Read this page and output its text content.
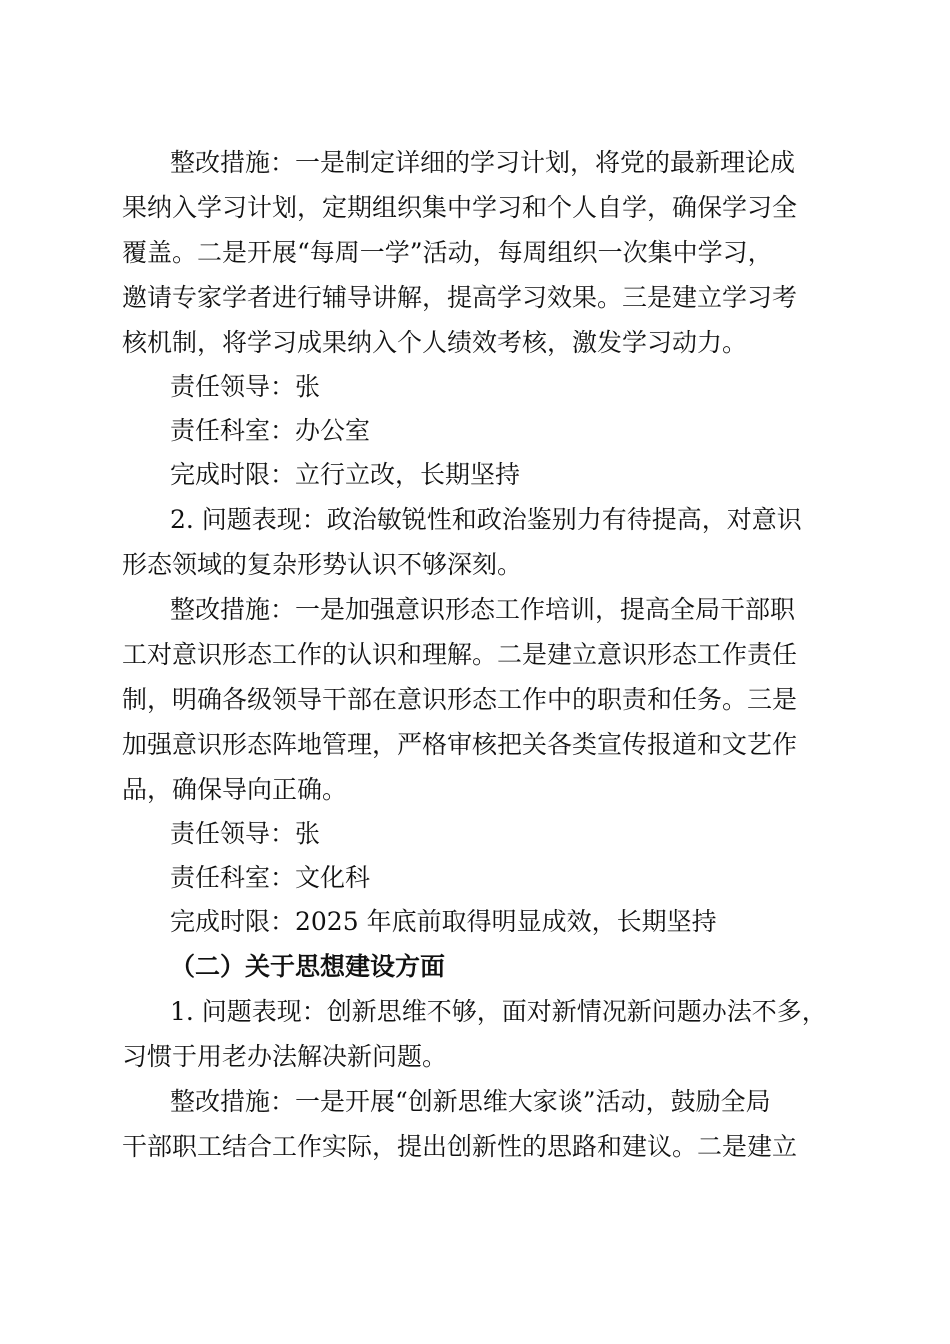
整改措施：一是制定详细的学习计划，将党的最新理论成
果纳入学习计划，定期组织集中学习和个人自学，确保学习全
覆盖。二是开展“每周一学”活动，每周组织一次集中学习，
邀请专家学者进行辅导讲解，提高学习效果。三是建立学习考
核机制，将学习成果纳入个人绩效考核，激发学习动力。
责任领导：张
责任科室：办公室
完成时限：立行立改，长期坚持
2. 问题表现：政治敏锐性和政治鉴别力有待提高，对意识
形态领域的复杂形势认识不够深刻。
整改措施：一是加强意识形态工作培训，提高全局干部职
工对意识形态工作的认识和理解。二是建立意识形态工作责任
制，明确各级领导干部在意识形态工作中的职责和任务。三是
加强意识形态阵地管理，严格审核把关各类宣传报道和文艺作
品，确保导向正确。
责任领导：张
责任科室：文化科
完成时限：2025 年底前取得明显成效，长期坚持
（二）关于思想建设方面
1. 问题表现：创新思维不够，面对新情况新问题办法不多，
习惯于用老办法解决新问题。
整改措施：一是开展“创新思维大家谈”活动，鼓励全局
干部职工结合工作实际，提出创新性的思路和建议。二是建立
